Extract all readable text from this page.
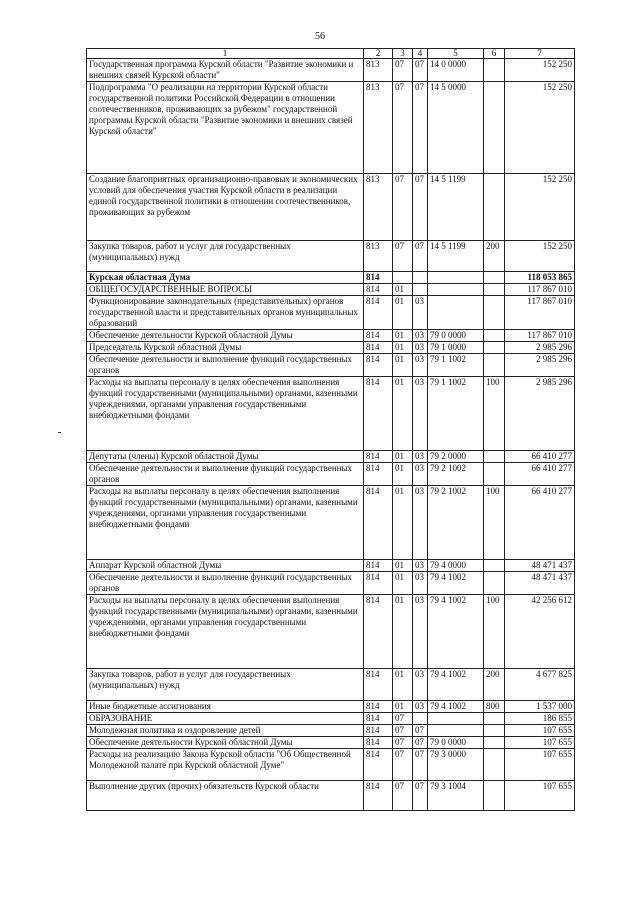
56
1	2	3	4	5	6	7
Государственная программа Курской области "Развитие экономики и внешних связей Курской области"	813	07	07	14 0 0000		152 250
Подпрограмма "О реализации на территории Курской области государственной политики Российской Федерации в отношении соотечественников, проживающих за рубежом" государственной программы Курской области "Развитие экономики и внешних связей Курской области"	813	07	07	14 5 0000		152 250
Создание благоприятных организационно-правовых и экономических условий для обеспечения участия Курской области в реализации единой государственной политики в отношении соотечественников, проживающих за рубежом	813	07	07	14 5 1199		152 250
Закупка товаров, работ и услуг для государственных (муниципальных) нужд	813	07	07	14 5 1199	200	152 250
Курская областная Дума	814					118 053 865
ОБЩЕГОСУДАРСТВЕННЫЕ ВОПРОСЫ	814	01				117 867 010
Функционирование законодательных (представительных) органов государственной власти и представительных органов муниципальных образований	814	01	03			117 867 010
Обеспечение деятельности Курской областной Думы	814	01	03	79 0 0000		117 867 010
Председатель Курской областной Думы	814	01	03	79 1 0000		2 985 296
Обеспечение деятельности и выполнение функций государственных органов	814	01	03	79 1 1002		2 985 296
Расходы на выплаты персоналу в целях обеспечения выполнения функций государственными (муниципальными) органами, казенными учреждениями, органами управления государственными внебюджетными фондами	814	01	03	79 1 1002	100	2 985 296
Депутаты (члены) Курской областной Думы	814	01	03	79 2 0000		66 410 277
Обеспечение деятельности и выполнение функций государственных органов	814	01	03	79 2 1002		66 410 277
Расходы на выплаты персоналу в целях обеспечения выполнения функций государственными (муниципальными) органами, казенными учреждениями, органами управления государственными внебюджетными фондами	814	01	03	79 2 1002	100	66 410 277
Аппарат Курской областной Думы	814	01	03	79 4 0000		48 471 437
Обеспечение деятельности и выполнение функций государственных органов	814	01	03	79 4 1002		48 471 437
Расходы на выплаты персоналу в целях обеспечения выполнения функций государственными (муниципальными) органами, казенными учреждениями, органами управления государственными внебюджетными фондами	814	01	03	79 4 1002	100	42 256 612
Закупка товаров, работ и услуг для государственных (муниципальных) нужд	814	01	03	79 4 1002	200	4 677 825
Иные бюджетные ассигнования	814	01	03	79 4 1002	800	1 537 000
ОБРАЗОВАНИЕ	814	07				186 855
Молодежная политика и оздоровление детей	814	07	07			107 655
Обеспечение деятельности Курской областной Думы	814	07	07	79 0 0000		107 655
Расходы на реализацию Закона Курской области "Об Общественной Молодежной палате при Курской областной Думе"	814	07	07	79 3 0000		107 655
Выполнение других (прочих) обязательств Курской области	814	07	07	79 3 1004		107 655
